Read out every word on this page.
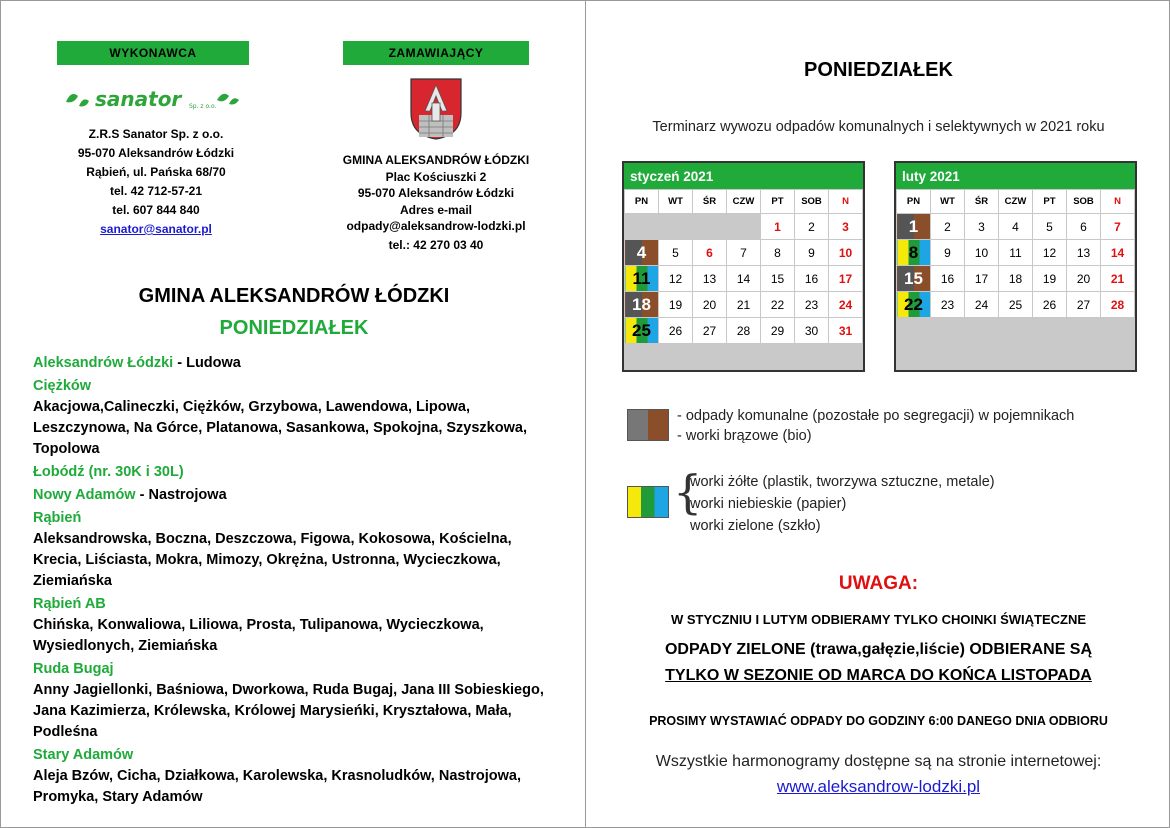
WYKONAWCA	ZAMAWIAJĄCY
sanator Sp. z o.o.
Z.R.S Sanator Sp. z o.o.
95-070 Aleksandrów Łódzki
Rąbień, ul. Pańska 68/70
tel. 42 712-57-21
tel. 607 844 840
sanator@sanator.pl
GMINA ALEKSANDRÓW ŁÓDZKI
Plac Kościuszki 2
95-070 Aleksandrów Łódzki
Adres e-mail
odpady@aleksandrow-lodzki.pl
tel.: 42 270 03 40
GMINA ALEKSANDRÓW ŁÓDZKI
PONIEDZIAŁEK
Aleksandrów Łódzki - Ludowa
Ciężków
Akacjowa,Calineczki, Ciężków, Grzybowa, Lawendowa, Lipowa, Leszczynowa, Na Górce, Platanowa, Sasankowa, Spokojna, Szyszkowa, Topolowa
Łobódź (nr. 30K i 30L)
Nowy Adamów - Nastrojowa
Rąbień
Aleksandrowska, Boczna, Deszczowa, Figowa, Kokosowa, Kościelna, Krecia, Liściasta, Mokra, Mimozy, Okrężna, Ustronna, Wycieczkowa, Ziemiańska
Rąbień AB
Chińska, Konwaliowa, Liliowa, Prosta, Tulipanowa, Wycieczkowa, Wysiedlonych, Ziemiańska
Ruda Bugaj
Anny Jagiellonki, Baśniowa, Dworkowa, Ruda Bugaj, Jana III Sobieskiego, Jana Kazimierza, Królewska, Królowej Marysieńki, Kryształowa, Mała, Podleśna
Stary Adamów
Aleja Bzów, Cicha, Działkowa, Karolewska, Krasnoludków, Nastrojowa, Promyka, Stary Adamów
PONIEDZIAŁEK
Terminarz wywozu odpadów komunalnych i selektywnych w 2021 roku
styczeń 2021
PN	WT	ŚR	CZW	PT	SOB	N
				1	2	3
4	5	6	7	8	9	10
11	12	13	14	15	16	17
18	19	20	21	22	23	24
25	26	27	28	29	30	31

luty 2021
PN	WT	ŚR	CZW	PT	SOB	N
1	2	3	4	5	6	7
8	9	10	11	12	13	14
15	16	17	18	19	20	21
22	23	24	25	26	27	28

- odpady komunalne (pozostałe po segregacji) w pojemnikach
- worki brązowe (bio)
{
worki żółte (plastik, tworzywa sztuczne, metale)
worki niebieskie (papier)
worki zielone (szkło)
UWAGA:
W STYCZNIU I LUTYM ODBIERAMY TYLKO CHOINKI ŚWIĄTECZNE
ODPADY ZIELONE (trawa,gałęzie,liście) ODBIERANE SĄ
TYLKO W SEZONIE OD MARCA DO KOŃCA LISTOPADA
PROSIMY WYSTAWIAĆ ODPADY DO GODZINY 6:00 DANEGO DNIA ODBIORU
Wszystkie harmonogramy dostępne są na stronie internetowej:
www.aleksandrow-lodzki.pl
